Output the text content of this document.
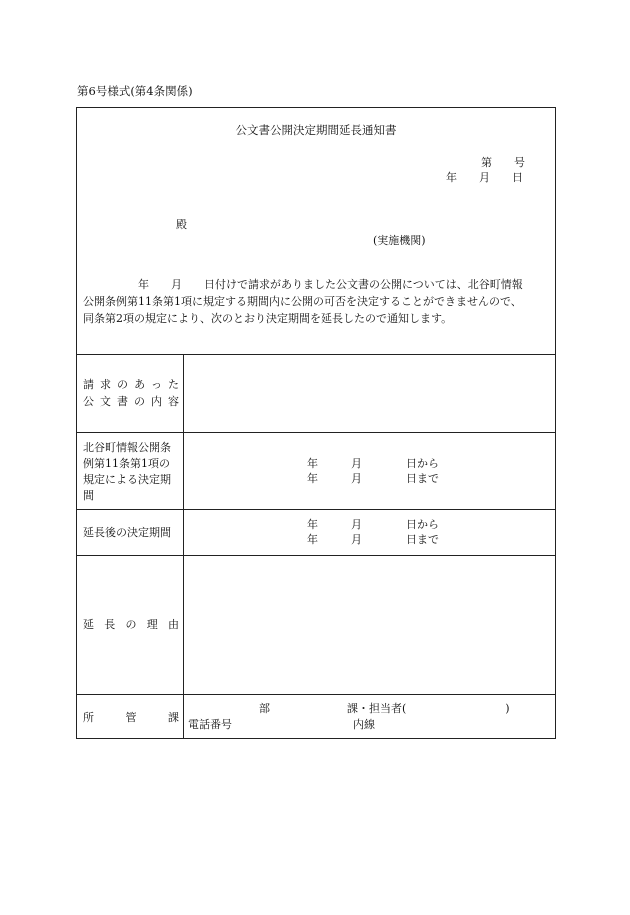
第6号様式(第4条関係)
公文書公開決定期間延長通知書
第　　号
年　　月　　日
殿
(実施機関)
　　　　　年　　月　　日付けで請求がありました公文書の公開については、北谷町情報
公開条例第11条第1項に規定する期間内に公開の可否を決定することができませんので、
同条第2項の規定により、次のとおり決定期間を延長したので通知します。
請求のあった
公文書の内容
北谷町情報公開条
例第11条第1項の
規定による決定期
間
年　　　月　　　　日から
年　　　月　　　　日まで
延長後の決定期間
年　　　月　　　　日から
年　　　月　　　　日まで
延長の理由
所管課
部　　　　　　　課・担当者(　　　　　　　　　)
電話番号　　　　　　　　　　　内線
